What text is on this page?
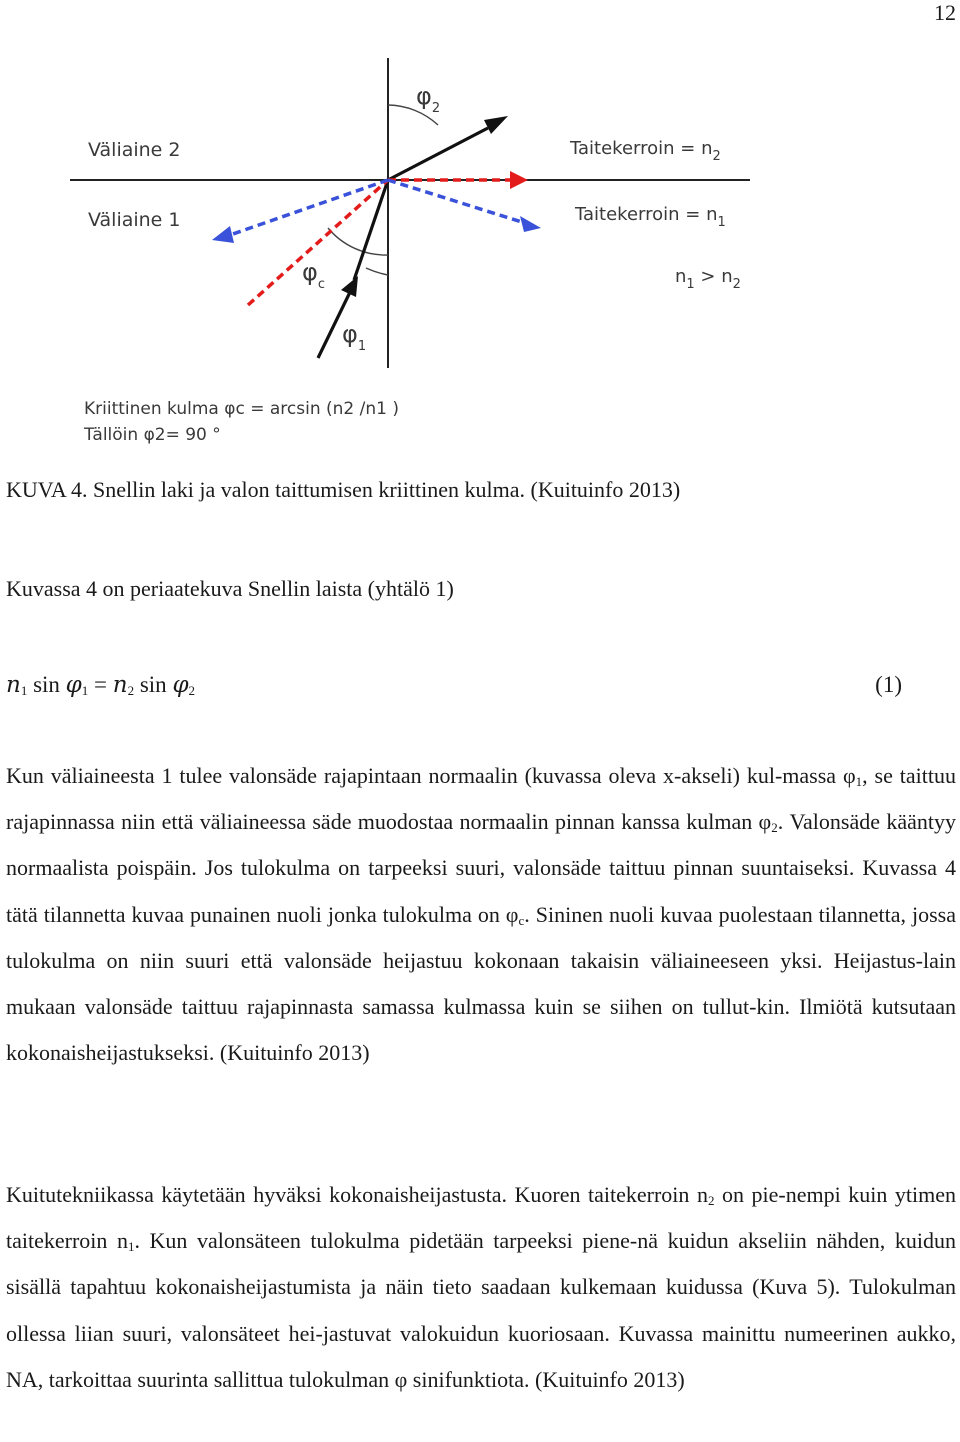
12
Väliaine 2
Väliaine 1
Taitekerroin = $n_2$
Taitekerroin = $n_1$
$n_1 > n_2$
$\varphi_2$
$\varphi_c$
$\varphi_1$
Kriittinen kulma φc = arcsin (n2 /n1 )
Tällöin φ2= 90 °
KUVA 4. Snellin laki ja valon taittumisen kriittinen kulma. (Kuituinfo 2013)
Kuvassa 4 on periaatekuva Snellin laista (yhtälö 1)
$n_1$ $\sin \varphi_1 = n_2$ $\sin \varphi_2$	(1)
Kun väliaineesta 1 tulee valonsäde rajapintaan normaalin (kuvassa oleva x-akseli) kul-massa $\varphi_1$, se taittuu rajapinnassa niin että väliaineessa säde muodostaa normaalin pinnan kanssa kulman $\varphi_2$. Valonsäde kääntyy normaalista poispäin. Jos tulokulma on tarpeeksi suuri, valonsäde taittuu pinnan suuntaiseksi. Kuvassa 4 tätä tilannetta kuvaa punainen nuoli jonka tulokulma on $\varphi_c$. Sininen nuoli kuvaa puolestaan tilannetta, jossa tulokulma on niin suuri että valonsäde heijastuu kokonaan takaisin väliaineeseen yksi. Heijastus-lain mukaan valonsäde taittuu rajapinnasta samassa kulmassa kuin se siihen on tullut-kin. Ilmiötä kutsutaan kokonaisheijastukseksi. (Kuituinfo 2013)
Kuitutekniikassa käytetään hyväksi kokonaisheijastusta. Kuoren taitekerroin $n_2$ on pie-nempi kuin ytimen taitekerroin $n_1$. Kun valonsäteen tulokulma pidetään tarpeeksi piene-nä kuidun akseliin nähden, kuidun sisällä tapahtuu kokonaisheijastumista ja näin tieto saadaan kulkemaan kuidussa (Kuva 5). Tulokulman ollessa liian suuri, valonsäteet hei-jastuvat valokuidun kuoriosaan. Kuvassa mainittu numeerinen aukko, NA, tarkoittaa suurinta sallittua tulokulman φ sinifunktiota. (Kuituinfo 2013)
